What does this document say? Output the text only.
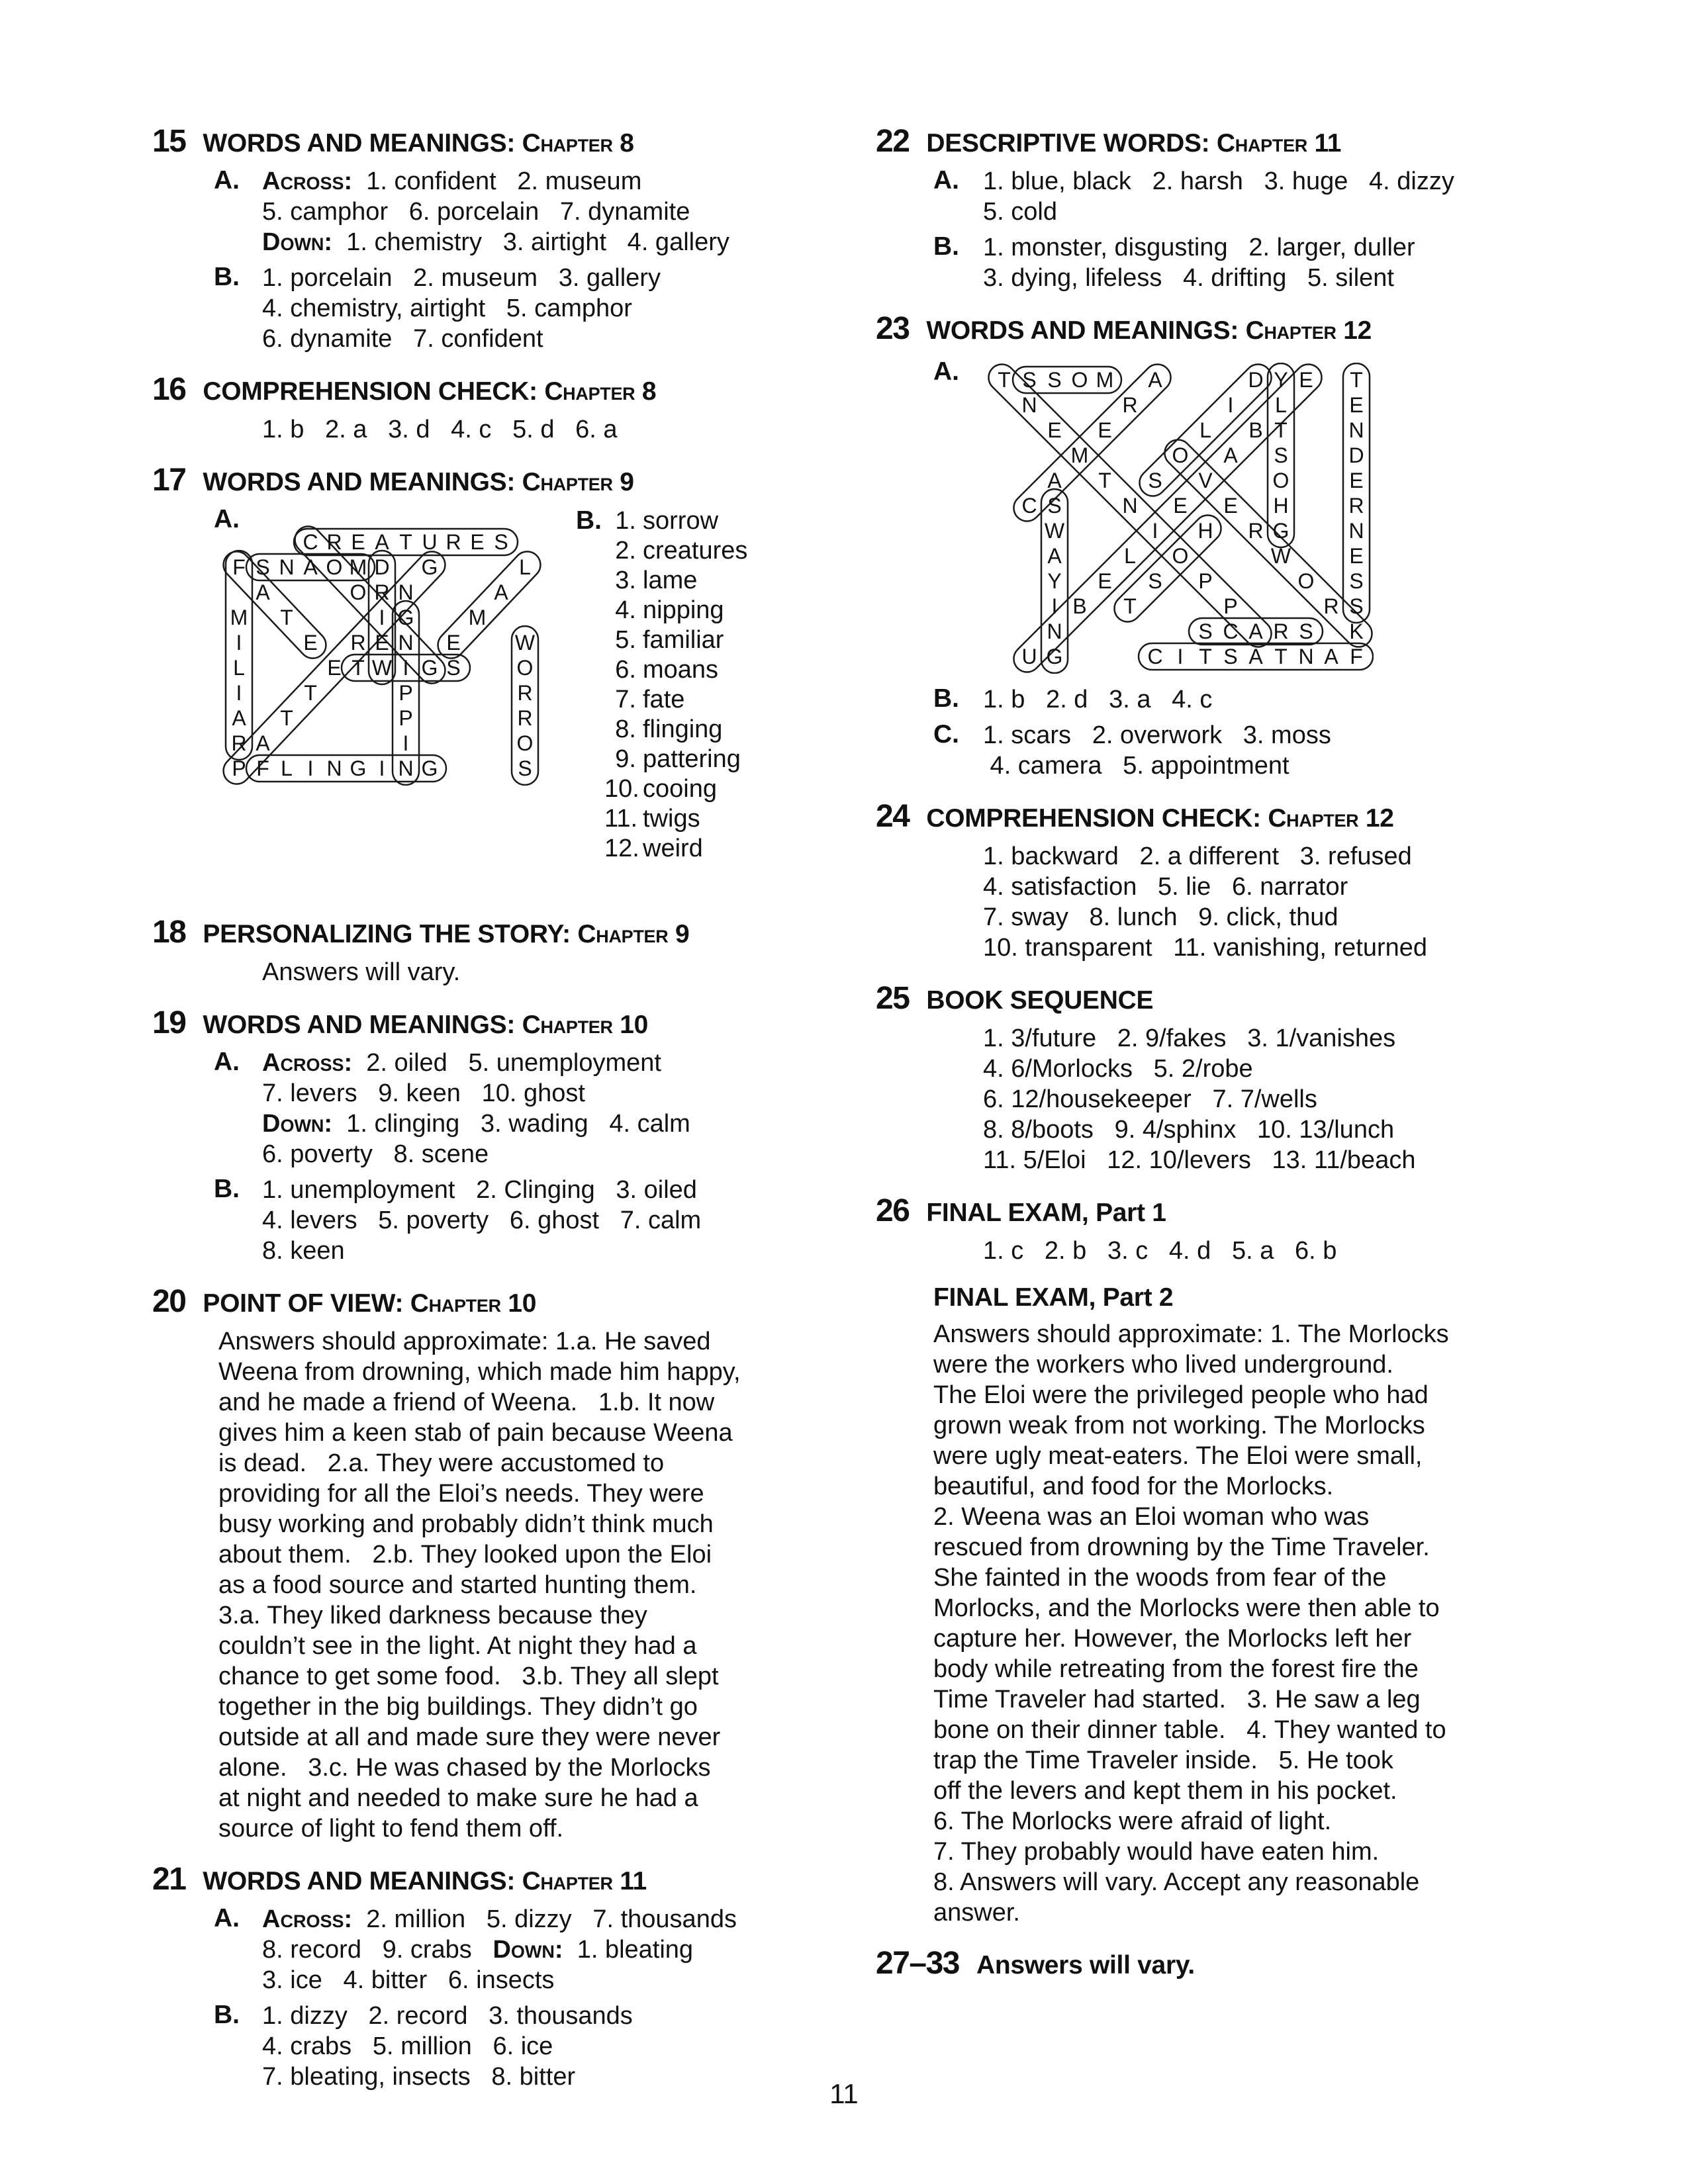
15 WORDS AND MEANINGS: Chapter 8
A. Across:  1. confident   2. museum
5. camphor   6. porcelain   7. dynamite
Down:  1. chemistry   3. airtight   4. gallery
B. 1. porcelain   2. museum   3. gallery
4. chemistry, airtight   5. camphor
6. dynamite   7. confident
16 COMPREHENSION CHECK: Chapter 8
1. b   2. a   3. d   4. c   5. d   6. a
17 WORDS AND MEANINGS: Chapter 9
A.
C R E A T U R E S
F S N A O M D G	L
A	O R N	A
M T	I G	M
I	E R E N E	W
L	E T W I G S	O
I	T	P	R
A T	P	R
R A	I	O
P F L I N G I N G	S
B. 1. sorrow
2. creatures
3. lame
4. nipping
5. familiar
6. moans
7. fate
8. flinging
9. pattering
10. cooing
11. twigs
12. weird
18 PERSONALIZING THE STORY: Chapter 9
Answers will vary.
19 WORDS AND MEANINGS: Chapter 10
A. Across:  2. oiled   5. unemployment
7. levers   9. keen   10. ghost
Down:  1. clinging   3. wading   4. calm
6. poverty   8. scene
B. 1. unemployment   2. Clinging   3. oiled
4. levers   5. poverty   6. ghost   7. calm
8. keen
20 POINT OF VIEW: Chapter 10
Answers should approximate: 1.a. He saved
Weena from drowning, which made him happy,
and he made a friend of Weena.   1.b. It now
gives him a keen stab of pain because Weena
is dead.   2.a. They were accustomed to
providing for all the Eloi’s needs. They were
busy working and probably didn’t think much
about them.   2.b. They looked upon the Eloi
as a food source and started hunting them.
3.a. They liked darkness because they
couldn’t see in the light. At night they had a
chance to get some food.   3.b. They all slept
together in the big buildings. They didn’t go
outside at all and made sure they were never
alone.   3.c. He was chased by the Morlocks
at night and needed to make sure he had a
source of light to fend them off.
21 WORDS AND MEANINGS: Chapter 11
A. Across:  2. million   5. dizzy   7. thousands
8. record   9. crabs   Down:  1. bleating
3. ice   4. bitter   6. insects
B. 1. dizzy   2. record   3. thousands
4. crabs   5. million   6. ice
7. bleating, insects   8. bitter
22 DESCRIPTIVE WORDS: Chapter 11
A. 1. blue, black   2. harsh   3. huge   4. dizzy
5. cold
B. 1. monster, disgusting   2. larger, duller
3. dying, lifeless   4. drifting   5. silent
23 WORDS AND MEANINGS: Chapter 12
A. T S S O M A	D Y E T
N	R	I L	E
E E	L B T	N
M	O A S	D
A T S V	O	E
C S	N E E H	R
W	I H R G	N
A	L O	W	E
Y E S P	O S
I B T	P	R S
N	S C A R S K
U G	C I T S A T N A F
B. 1. b   2. d   3. a   4. c
C. 1. scars   2. overwork   3. moss
4. camera   5. appointment
24 COMPREHENSION CHECK: Chapter 12
1. backward   2. a different   3. refused
4. satisfaction   5. lie   6. narrator
7. sway   8. lunch   9. click, thud
10. transparent   11. vanishing, returned
25 BOOK SEQUENCE
1. 3/future   2. 9/fakes   3. 1/vanishes
4. 6/Morlocks   5. 2/robe
6. 12/housekeeper   7. 7/wells
8. 8/boots   9. 4/sphinx   10. 13/lunch
11. 5/Eloi   12. 10/levers   13. 11/beach
26 FINAL EXAM, Part 1
1. c   2. b   3. c   4. d   5. a   6. b
FINAL EXAM, Part 2
Answers should approximate: 1. The Morlocks
were the workers who lived underground.
The Eloi were the privileged people who had
grown weak from not working. The Morlocks
were ugly meat-eaters. The Eloi were small,
beautiful, and food for the Morlocks.
2. Weena was an Eloi woman who was
rescued from drowning by the Time Traveler.
She fainted in the woods from fear of the
Morlocks, and the Morlocks were then able to
capture her. However, the Morlocks left her
body while retreating from the forest fire the
Time Traveler had started.   3. He saw a leg
bone on their dinner table.   4. They wanted to
trap the Time Traveler inside.   5. He took
off the levers and kept them in his pocket.
6. The Morlocks were afraid of light.
7. They probably would have eaten him.
8. Answers will vary. Accept any reasonable
answer.
27–33 Answers will vary.
11
